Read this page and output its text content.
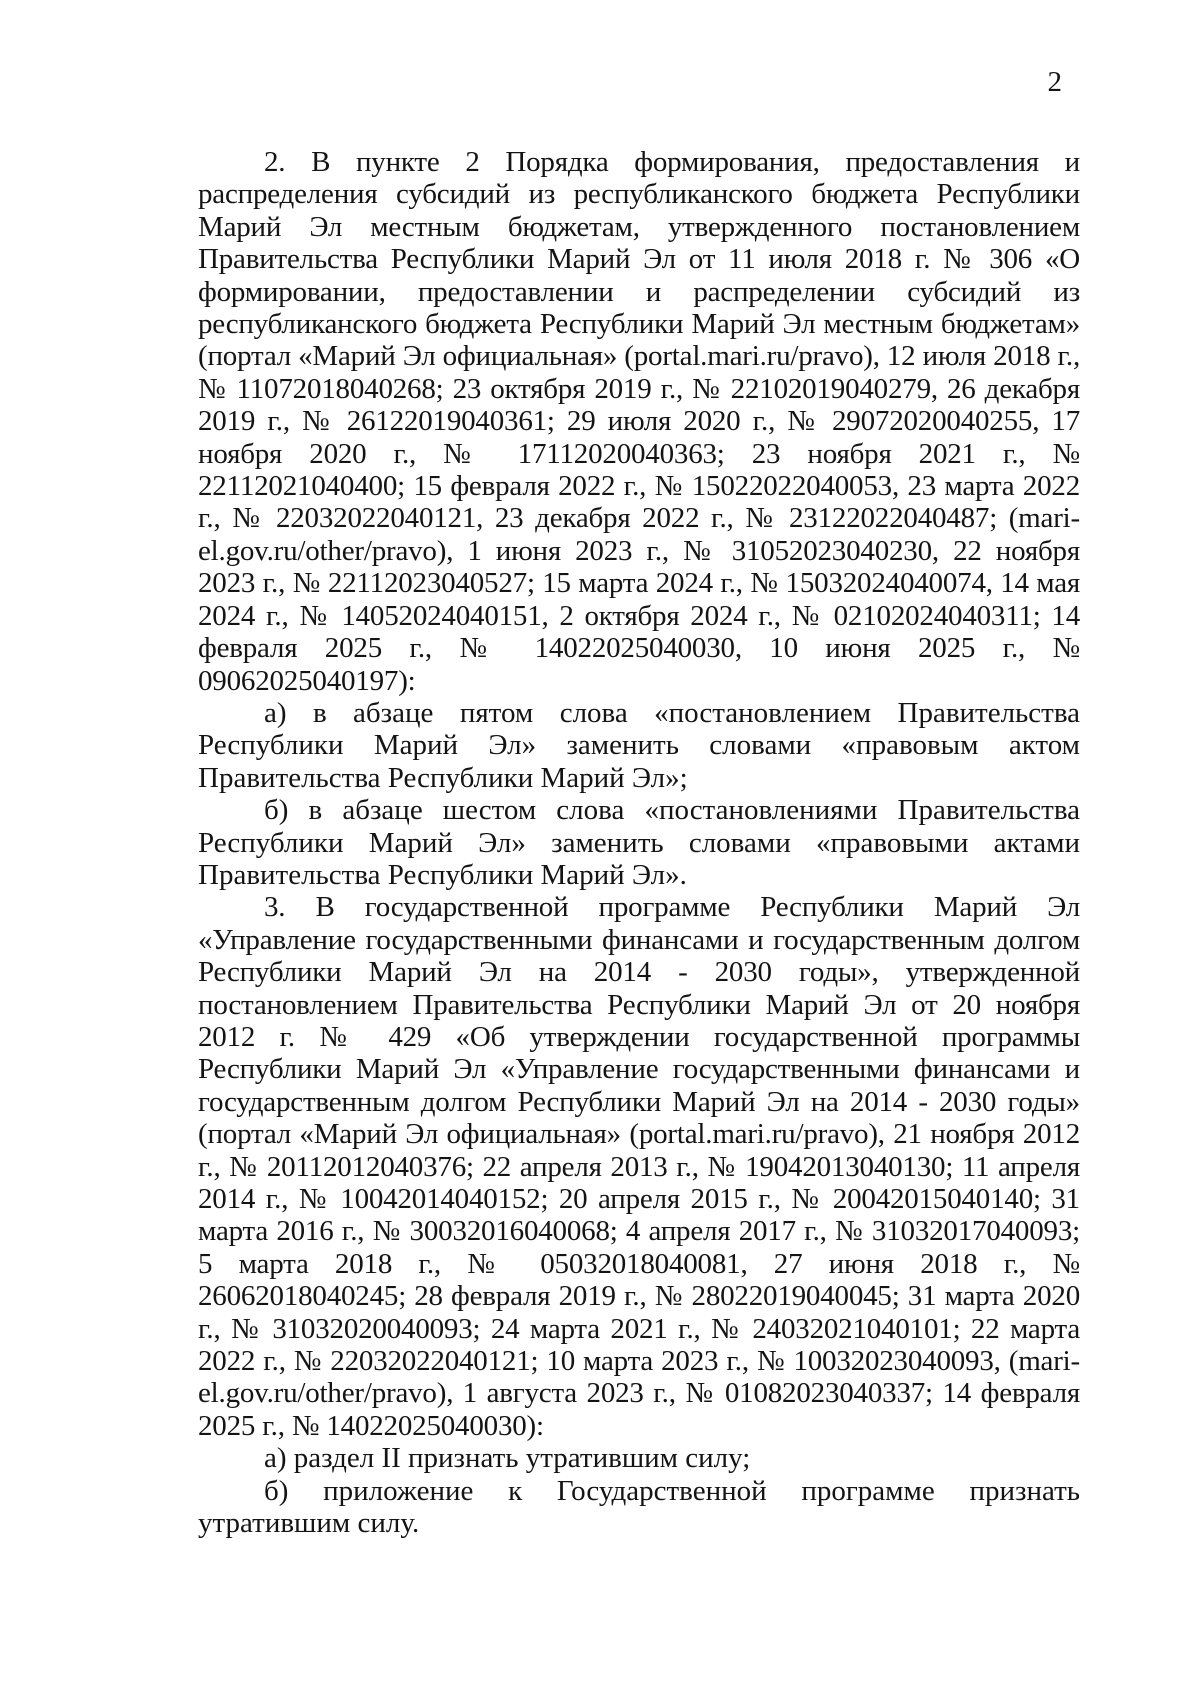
2

2. В пункте 2 Порядка формирования, предоставления и распределения субсидий из республиканского бюджета Республики Марий Эл местным бюджетам, утвержденного постановлением Правительства Республики Марий Эл от 11 июля 2018 г. № 306 «О формировании, предоставлении и распределении субсидий из республиканского бюджета Республики Марий Эл местным бюджетам» (портал «Марий Эл официальная» (portal.mari.ru/pravo), 12 июля 2018 г., № 11072018040268; 23 октября 2019 г., № 22102019040279, 26 декабря 2019 г., № 26122019040361; 29 июля 2020 г., № 29072020040255, 17 ноября 2020 г., № 17112020040363; 23 ноября 2021 г., № 22112021040400; 15 февраля 2022 г., № 15022022040053, 23 марта 2022 г., № 22032022040121, 23 декабря 2022 г., № 23122022040487; (mari-el.gov.ru/other/pravo), 1 июня 2023 г., № 31052023040230, 22 ноября 2023 г., № 22112023040527; 15 марта 2024 г., № 15032024040074, 14 мая 2024 г., № 14052024040151, 2 октября 2024 г., № 02102024040311; 14 февраля 2025 г., № 14022025040030, 10 июня 2025 г., № 09062025040197):

а) в абзаце пятом слова «постановлением Правительства Республики Марий Эл» заменить словами «правовым актом Правительства Республики Марий Эл»;

б) в абзаце шестом слова «постановлениями Правительства Республики Марий Эл» заменить словами «правовыми актами Правительства Республики Марий Эл».

3. В государственной программе Республики Марий Эл «Управление государственными финансами и государственным долгом Республики Марий Эл на 2014 - 2030 годы», утвержденной постановлением Правительства Республики Марий Эл от 20 ноября 2012 г. № 429 «Об утверждении государственной программы Республики Марий Эл «Управление государственными финансами и государственным долгом Республики Марий Эл на 2014 - 2030 годы» (портал «Марий Эл официальная» (portal.mari.ru/pravo), 21 ноября 2012 г., № 20112012040376; 22 апреля 2013 г., № 19042013040130; 11 апреля 2014 г., № 10042014040152; 20 апреля 2015 г., № 20042015040140; 31 марта 2016 г., № 30032016040068; 4 апреля 2017 г., № 31032017040093; 5 марта 2018 г., № 05032018040081, 27 июня 2018 г., № 26062018040245; 28 февраля 2019 г., № 28022019040045; 31 марта 2020 г., № 31032020040093; 24 марта 2021 г., № 24032021040101; 22 марта 2022 г., № 22032022040121; 10 марта 2023 г., № 10032023040093, (mari-el.gov.ru/other/pravo), 1 августа 2023 г., № 01082023040337; 14 февраля 2025 г., № 14022025040030):

а) раздел II признать утратившим силу;

б) приложение к Государственной программе признать утратившим силу.
